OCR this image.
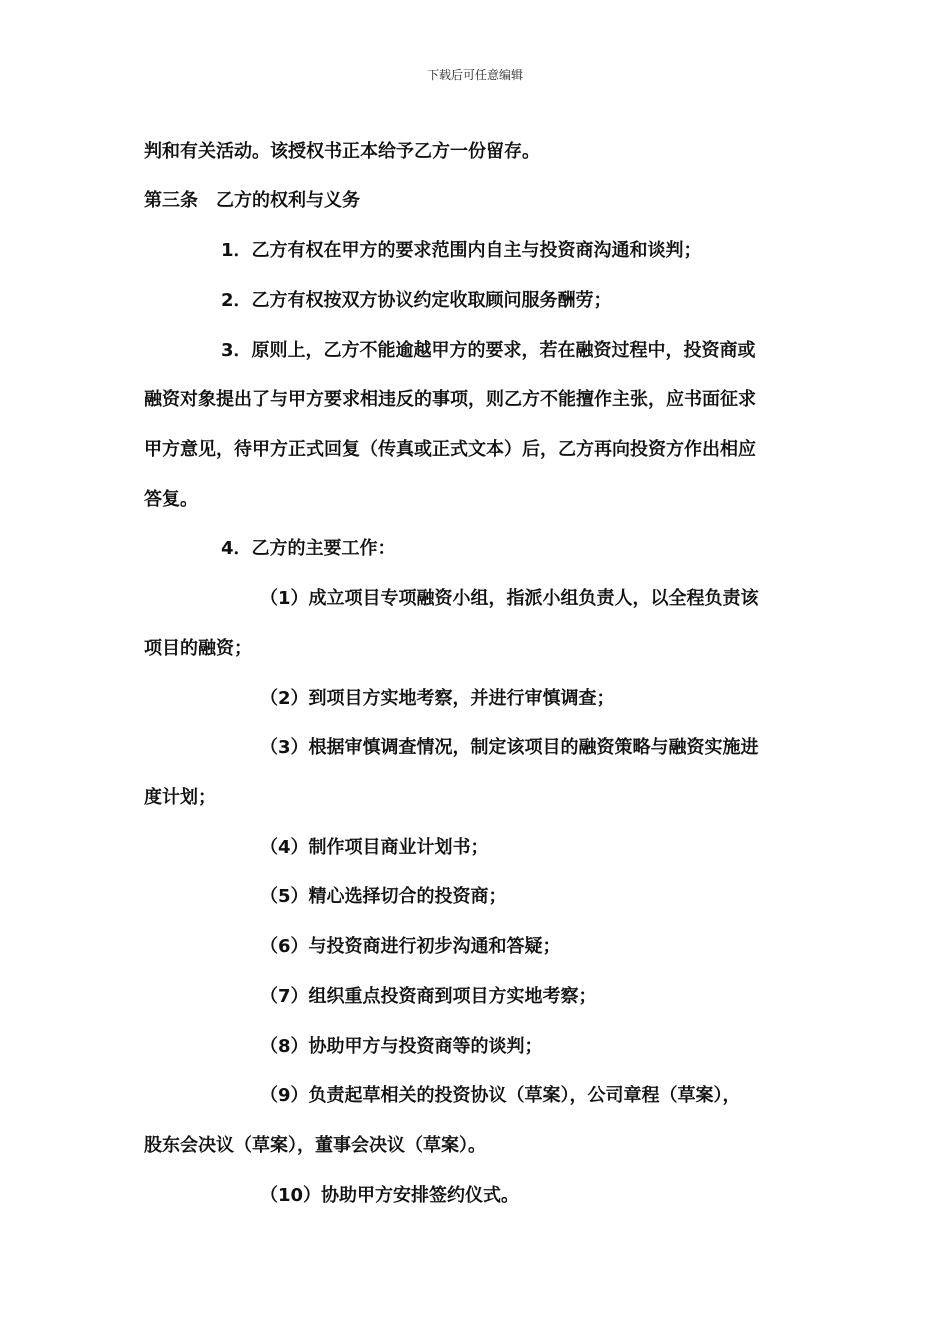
下载后可任意编辑
判和有关活动。该授权书正本给予乙方一份留存。
第三条　乙方的权利与义务
1．乙方有权在甲方的要求范围内自主与投资商沟通和谈判；
2．乙方有权按双方协议约定收取顾问服务酬劳；
3．原则上，乙方不能逾越甲方的要求，若在融资过程中，投资商或
融资对象提出了与甲方要求相违反的事项，则乙方不能擅作主张，应书面征求
甲方意见，待甲方正式回复（传真或正式文本）后，乙方再向投资方作出相应
答复。
4．乙方的主要工作：
（1）成立项目专项融资小组，指派小组负责人，以全程负责该
项目的融资；
（2）到项目方实地考察，并进行审慎调查；
（3）根据审慎调查情况，制定该项目的融资策略与融资实施进
度计划；
（4）制作项目商业计划书；
（5）精心选择切合的投资商；
（6）与投资商进行初步沟通和答疑；
（7）组织重点投资商到项目方实地考察；
（8）协助甲方与投资商等的谈判；
（9）负责起草相关的投资协议（草案），公司章程（草案），
股东会决议（草案），董事会决议（草案）。
（10）协助甲方安排签约仪式。
